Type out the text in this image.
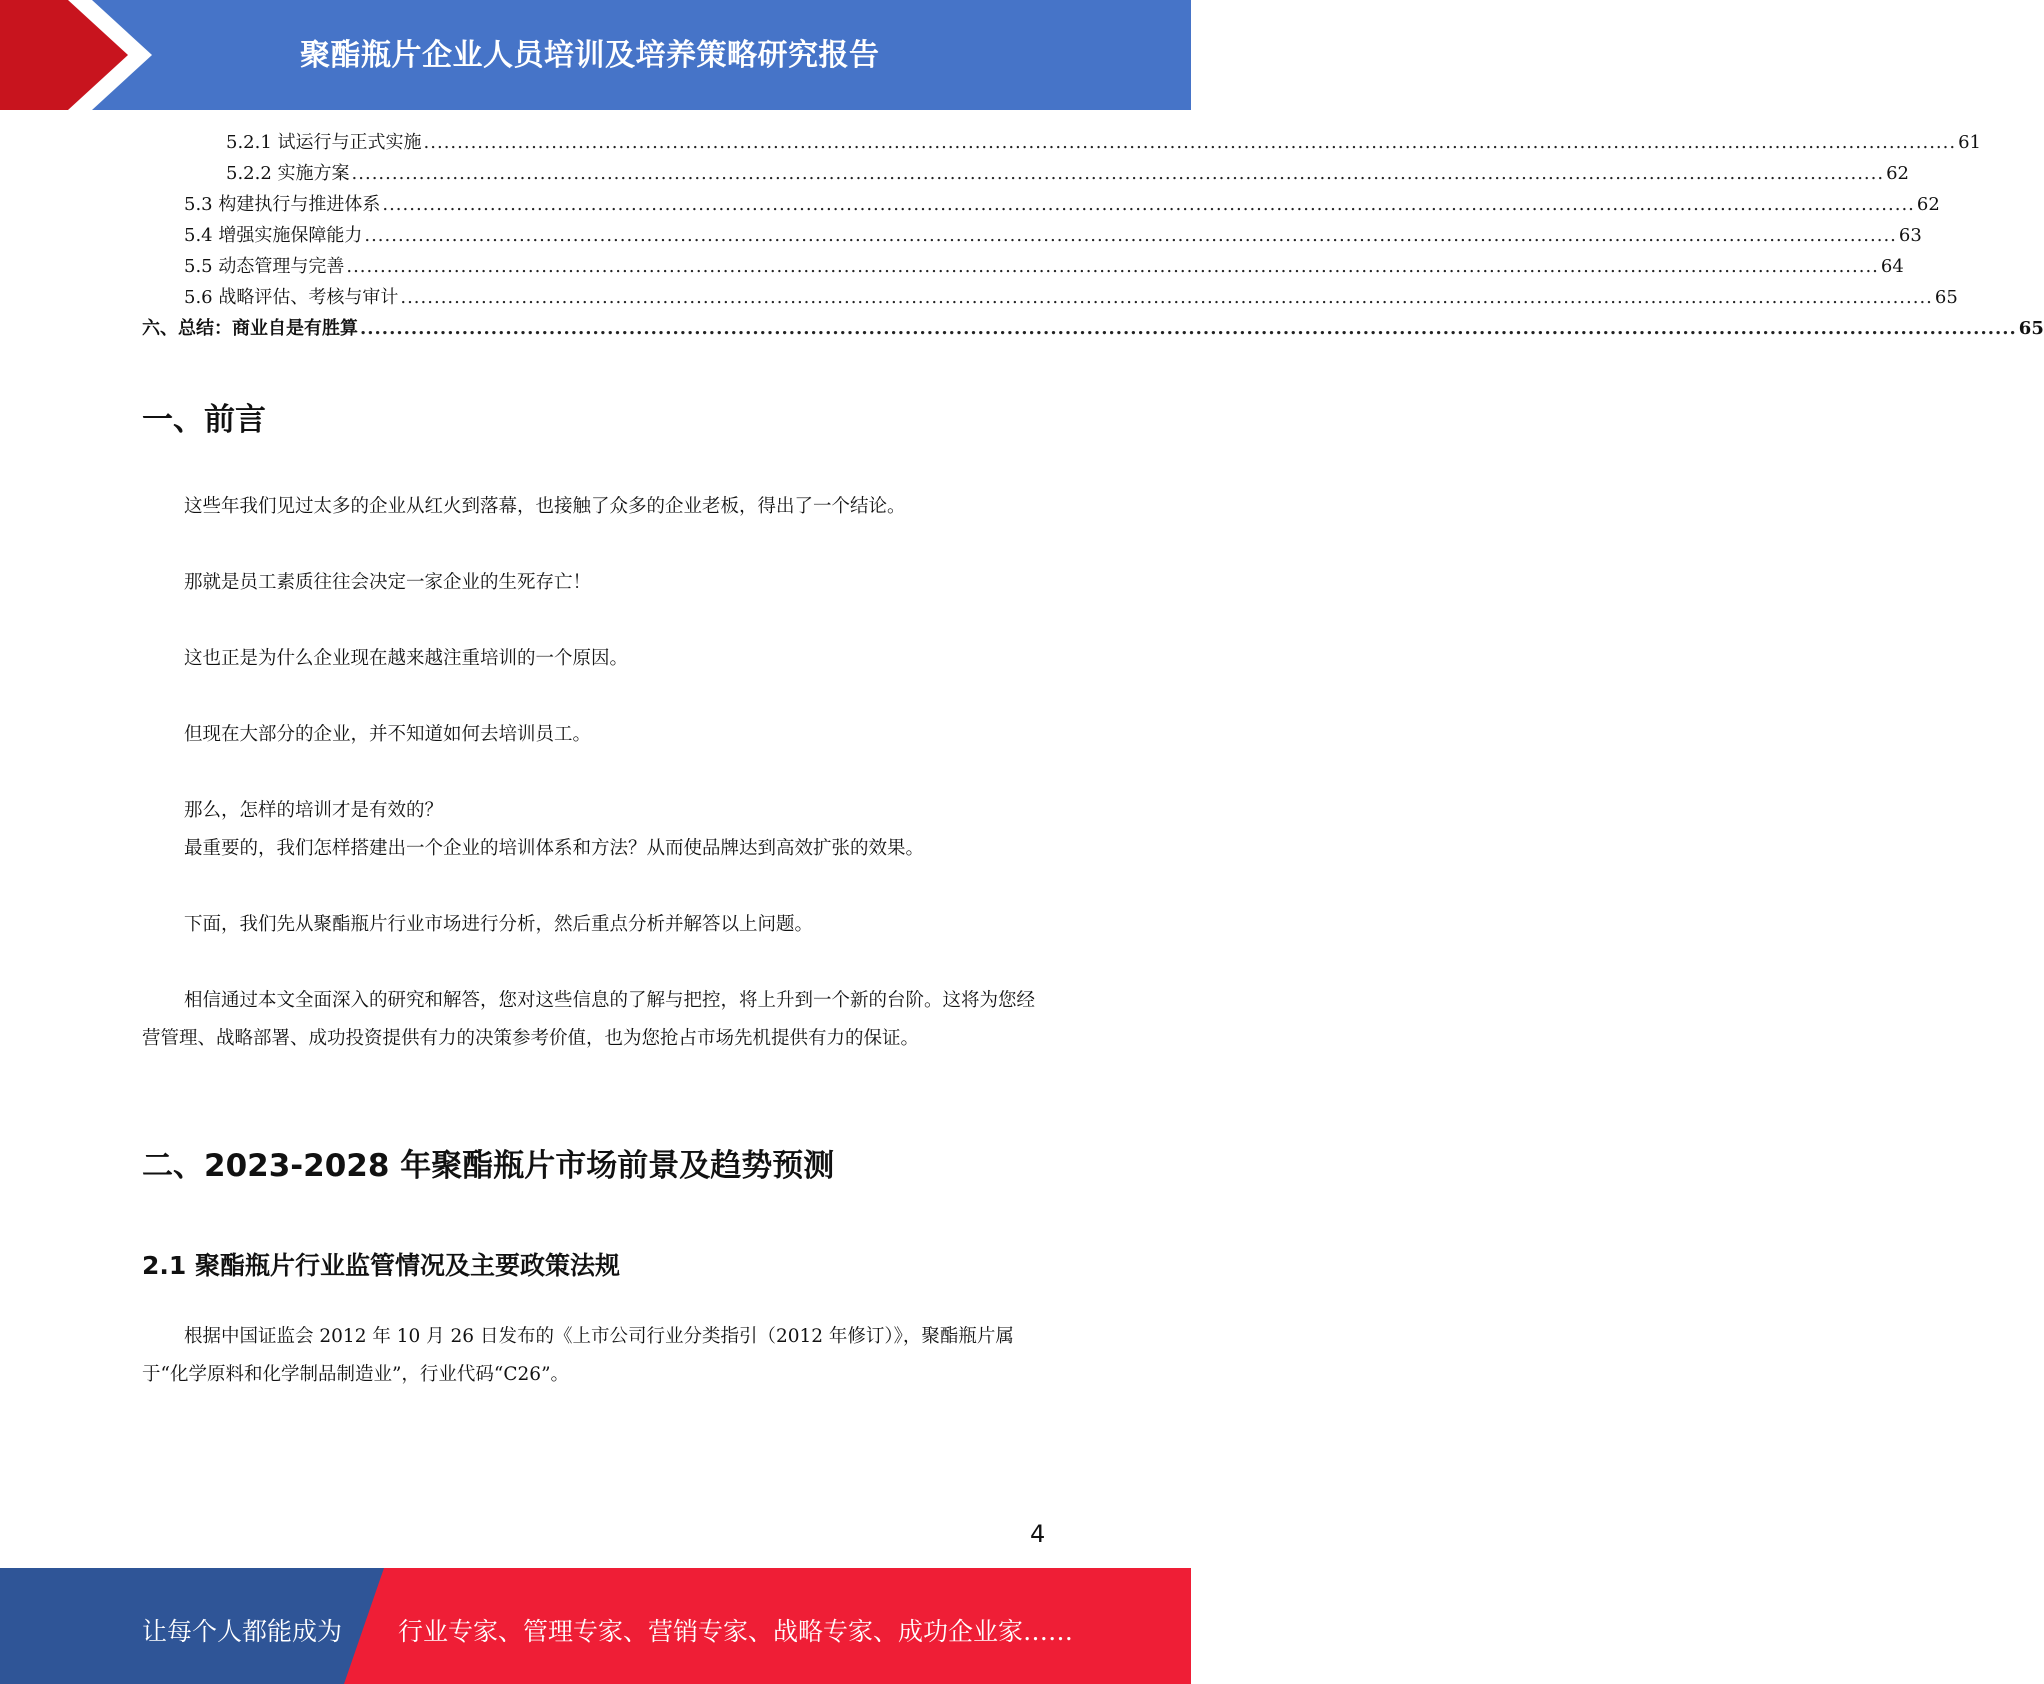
聚酯瓶片企业人员培训及培养策略研究报告
5.2.1 试运行与正式实施 .................................................................................................................................................................................................................................... 61
5.2.2 实施方案 .................................................................................................................................................................................................................................... 62
5.3 构建执行与推进体系 .................................................................................................................................................................................................................................... 62
5.4 增强实施保障能力 .................................................................................................................................................................................................................................... 63
5.5 动态管理与完善 .................................................................................................................................................................................................................................... 64
5.6 战略评估、考核与审计 .................................................................................................................................................................................................................................... 65
六、总结：商业自是有胜算 .................................................................................................................................................................................................................................... 65
一、前言

这些年我们见过太多的企业从红火到落幕，也接触了众多的企业老板，得出了一个结论。

那就是员工素质往往会决定一家企业的生死存亡！

这也正是为什么企业现在越来越注重培训的一个原因。

但现在大部分的企业，并不知道如何去培训员工。

那么，怎样的培训才是有效的？

最重要的，我们怎样搭建出一个企业的培训体系和方法？从而使品牌达到高效扩张的效果。

下面，我们先从聚酯瓶片行业市场进行分析，然后重点分析并解答以上问题。

相信通过本文全面深入的研究和解答，您对这些信息的了解与把控，将上升到一个新的台阶。这将为您经营管理、战略部署、成功投资提供有力的决策参考价值，也为您抢占市场先机提供有力的保证。

二、2023-2028 年聚酯瓶片市场前景及趋势预测
2.1 聚酯瓶片行业监管情况及主要政策法规

根据中国证监会 2012 年 10 月 26 日发布的《上市公司行业分类指引（2012 年修订）》，聚酯瓶片属于“化学原料和化学制品制造业”，行业代码“C26”。

4
让每个人都能成为 行业专家、管理专家、营销专家、战略专家、成功企业家……
